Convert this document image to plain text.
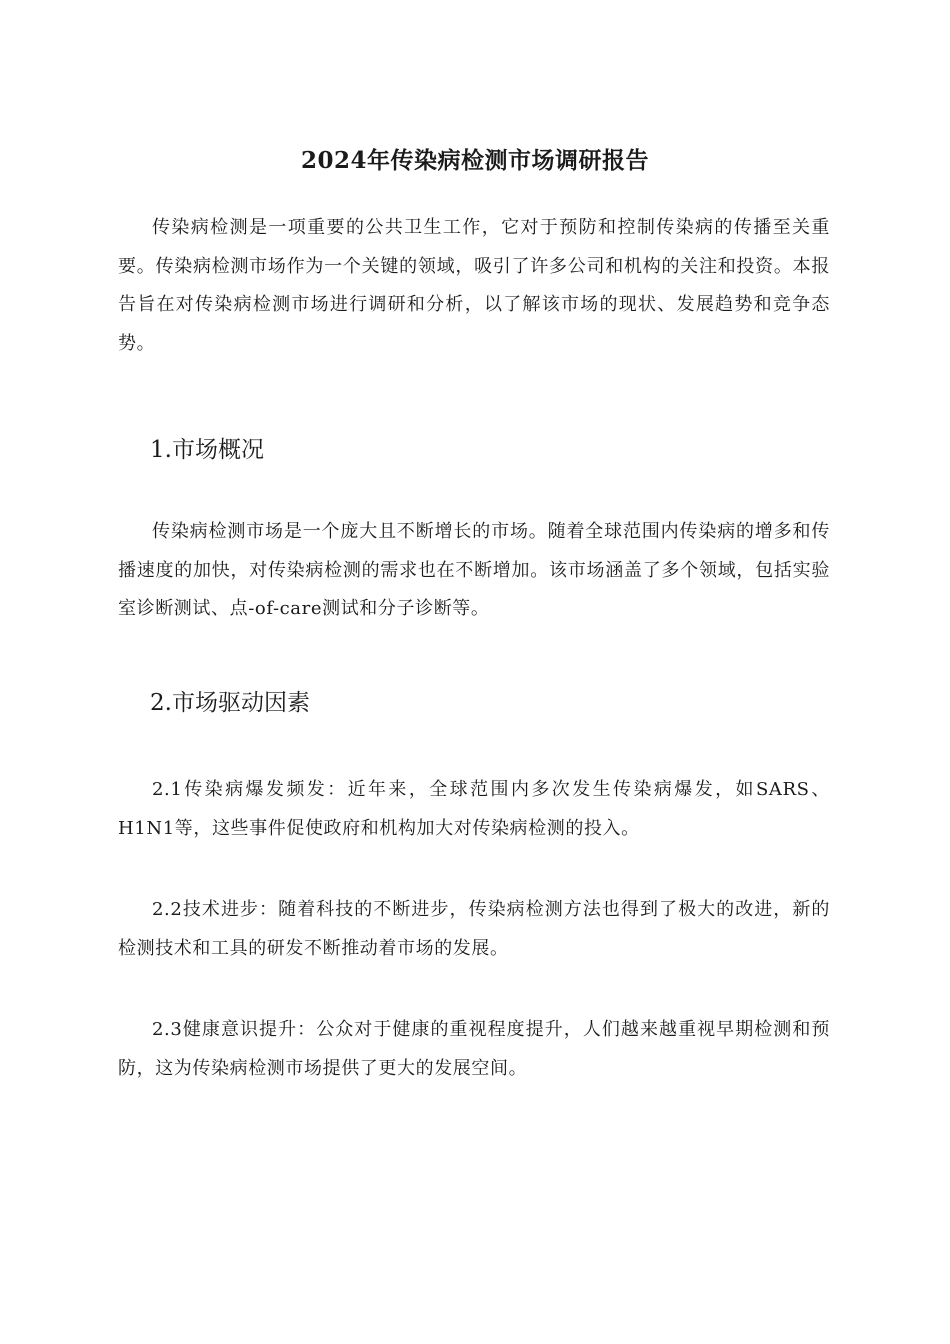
2024年传染病检测市场调研报告

传染病检测是一项重要的公共卫生工作，它对于预防和控制传染病的传播至关重要。传染病检测市场作为一个关键的领域，吸引了许多公司和机构的关注和投资。本报告旨在对传染病检测市场进行调研和分析，以了解该市场的现状、发展趋势和竞争态势。

1.市场概况

传染病检测市场是一个庞大且不断增长的市场。随着全球范围内传染病的增多和传播速度的加快，对传染病检测的需求也在不断增加。该市场涵盖了多个领域，包括实验室诊断测试、点-of-care测试和分子诊断等。

2.市场驱动因素

2.1传染病爆发频发：近年来，全球范围内多次发生传染病爆发，如SARS、H1N1等，这些事件促使政府和机构加大对传染病检测的投入。

2.2技术进步：随着科技的不断进步，传染病检测方法也得到了极大的改进，新的检测技术和工具的研发不断推动着市场的发展。

2.3健康意识提升：公众对于健康的重视程度提升，人们越来越重视早期检测和预防，这为传染病检测市场提供了更大的发展空间。
